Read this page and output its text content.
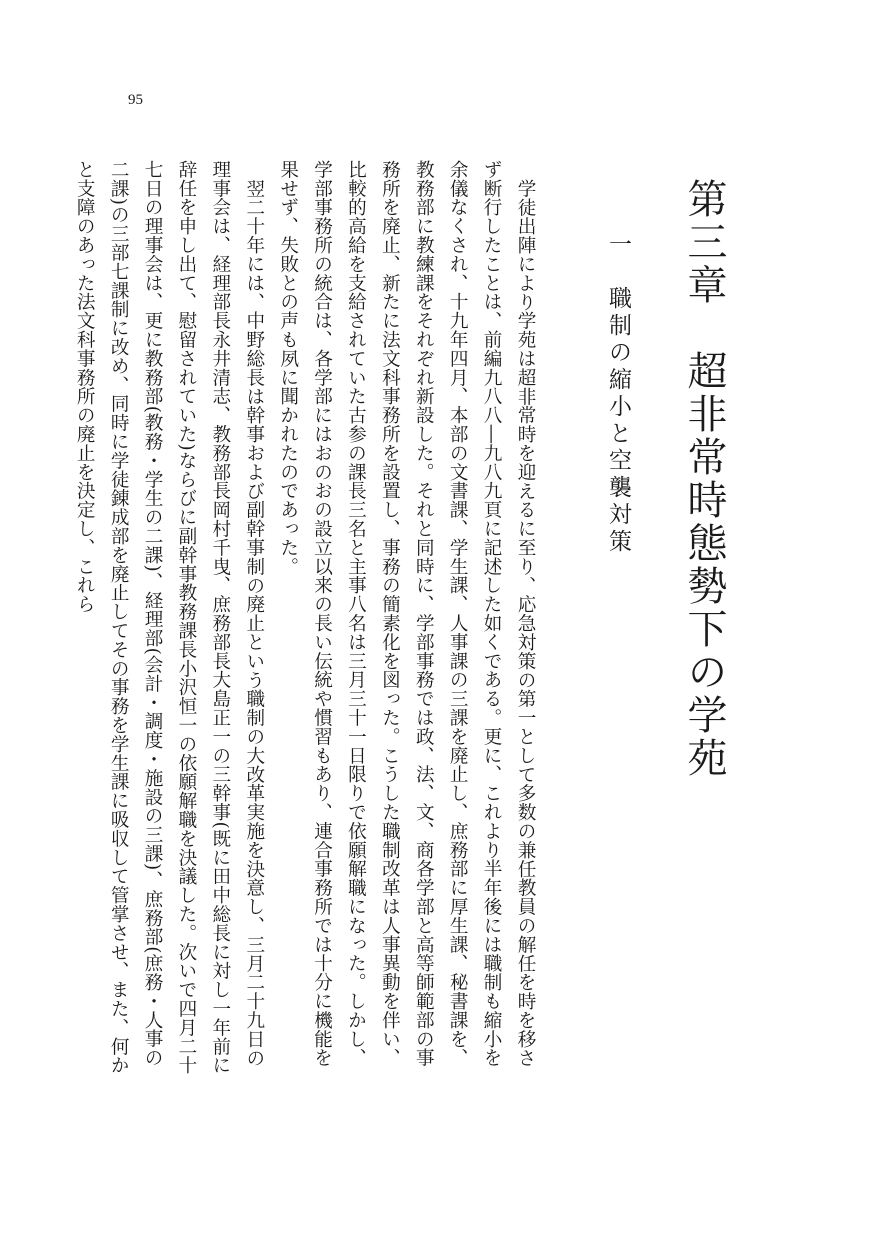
95
第三章　超非常時態勢下の学苑
一　職制の縮小と空襲対策

学徒出陣により学苑は超非常時を迎えるに至り、応急対策の第一として多数の兼任教員の解任を時を移さず断行したことは、前編九八八―九八九頁に記述した如くである。更に、これより半年後には職制も縮小を余儀なくされ、十九年四月、本部の文書課、学生課、人事課の三課を廃止し、庶務部に厚生課、秘書課を、教務部に教練課をそれぞれ新設した。それと同時に、学部事務では政、法、文、商各学部と高等師範部の事務所を廃止、新たに法文科事務所を設置し、事務の簡素化を図った。こうした職制改革は人事異動を伴い、比較的高給を支給されていた古参の課長三名と主事八名は三月三十一日限りで依願解職になった。しかし、学部事務所の統合は、各学部にはおのおの設立以来の長い伝統や慣習もあり、連合事務所では十分に機能を果せず、失敗との声も夙に聞かれたのであった。

翌二十年には、中野総長は幹事および副幹事制の廃止という職制の大改革実施を決意し、三月二十九日の理事会は、経理部長永井清志、教務部長岡村千曳、庶務部長大島正一の三幹事(既に田中総長に対し一年前に辞任を申し出て、慰留されていた)ならびに副幹事教務課長小沢恒一の依願解職を決議した。次いで四月二十七日の理事会は、更に教務部(教務・学生の二課)、経理部(会計・調度・施設の三課)、庶務部(庶務・人事の二課)の三部七課制に改め、同時に学徒錬成部を廃止してその事務を学生課に吸収して管掌させ、また、何かと支障のあった法文科事務所の廃止を決定し、これら
